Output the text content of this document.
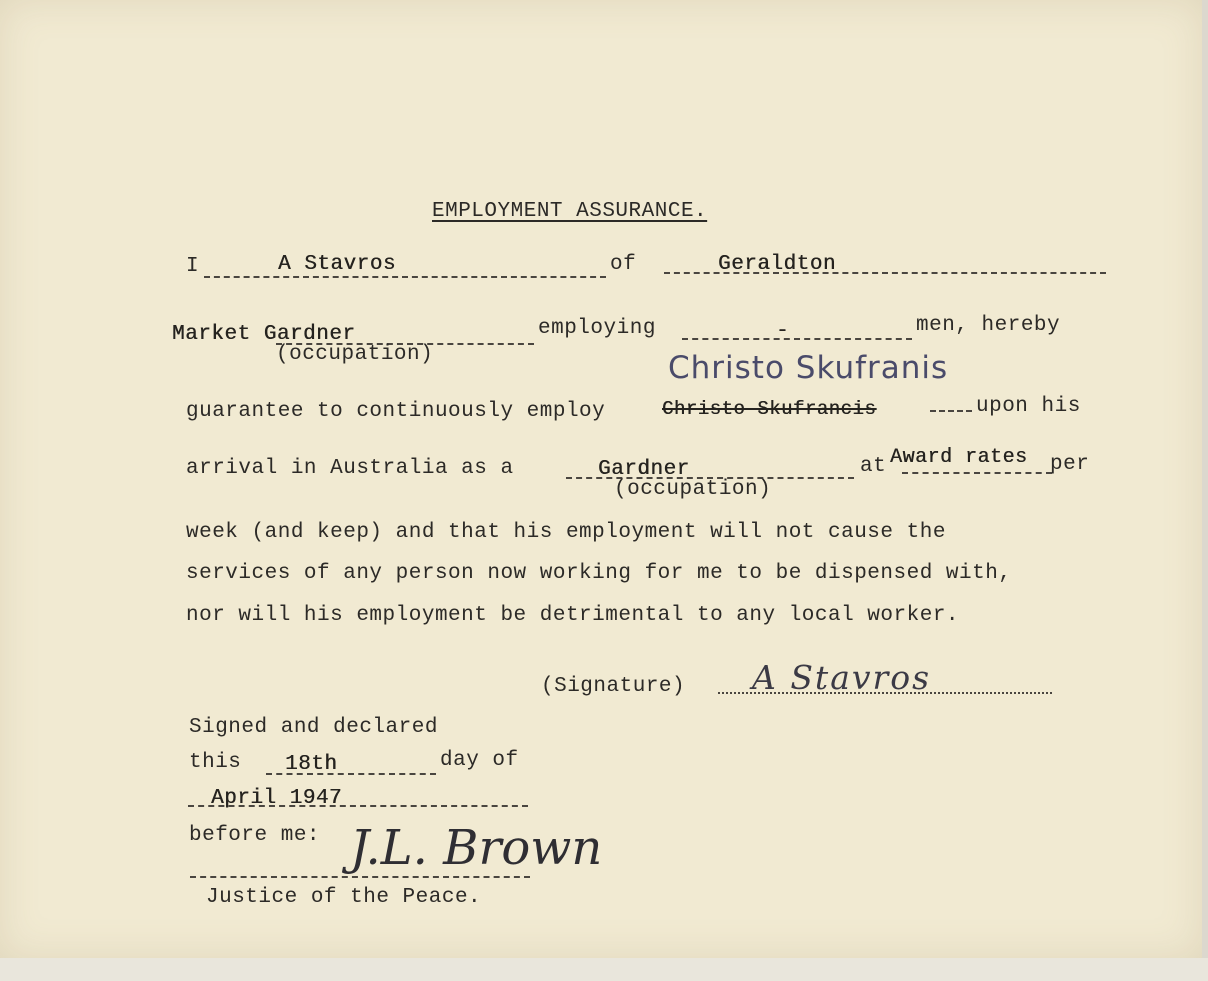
EMPLOYMENT ASSURANCE.
I	A Stavros	of	Geraldton
Market Gardner	employing	-	men, hereby
(occupation)	Christo Skufranis
guarantee to continuously employ	Christo Skufrancis	upon his
arrival in Australia as a	Gardner	at Award rates per
(occupation)
week (and keep) and that his employment will not cause the
services of any person now working for me to be dispensed with,
nor will his employment be detrimental to any local worker.
(Signature) A Stavros
Signed and declared
this 18th	day of
April 1947
before me: J.L. Brown
Justice of the Peace.
